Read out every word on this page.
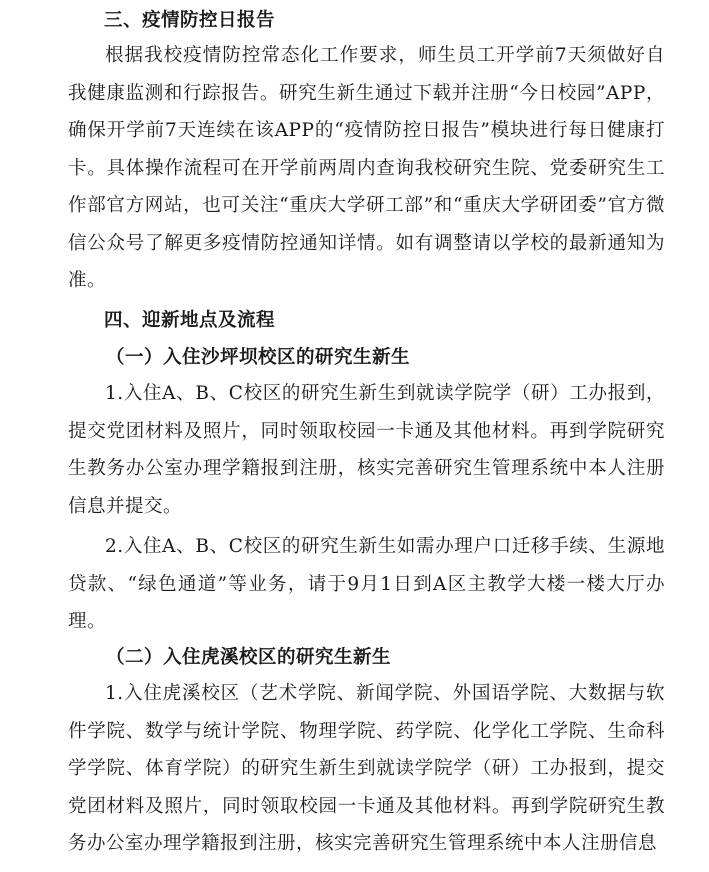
三、疫情防控日报告

根据我校疫情防控常态化工作要求，师生员工开学前7天须做好自我健康监测和行踪报告。研究生新生通过下载并注册“今日校园”APP，确保开学前7天连续在该APP的“疫情防控日报告”模块进行每日健康打卡。具体操作流程可在开学前两周内查询我校研究生院、党委研究生工作部官方网站，也可关注“重庆大学研工部”和“重庆大学研团委”官方微信公众号了解更多疫情防控通知详情。如有调整请以学校的最新通知为准。

四、迎新地点及流程
（一）入住沙坪坝校区的研究生新生

1.入住A、B、C校区的研究生新生到就读学院学（研）工办报到，提交党团材料及照片，同时领取校园一卡通及其他材料。再到学院研究生教务办公室办理学籍报到注册，核实完善研究生管理系统中本人注册信息并提交。

2.入住A、B、C校区的研究生新生如需办理户口迁移手续、生源地贷款、“绿色通道”等业务，请于9月1日到A区主教学大楼一楼大厅办理。

（二）入住虎溪校区的研究生新生

1.入住虎溪校区（艺术学院、新闻学院、外国语学院、大数据与软件学院、数学与统计学院、物理学院、药学院、化学化工学院、生命科学学院、体育学院）的研究生新生到就读学院学（研）工办报到，提交党团材料及照片，同时领取校园一卡通及其他材料。再到学院研究生教务办公室办理学籍报到注册，核实完善研究生管理系统中本人注册信息
